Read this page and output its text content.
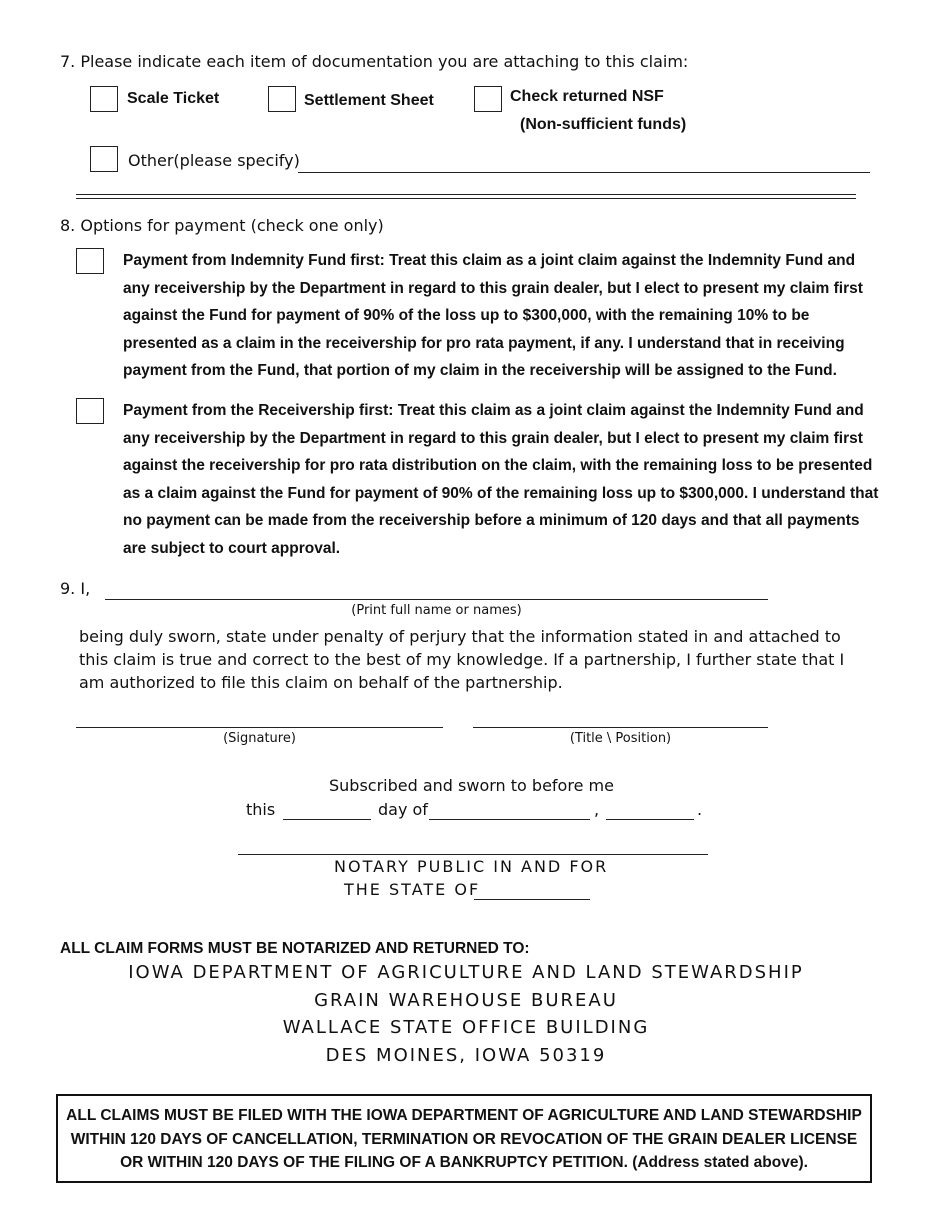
7. Please indicate each item of documentation you are attaching to this claim:
Scale Ticket	Settlement Sheet	Check returned NSF
(Non-sufficient funds)
Other(please specify)
8. Options for payment (check one only)
Payment from Indemnity Fund first: Treat this claim as a joint claim against the Indemnity Fund and any receivership by the Department in regard to this grain dealer, but I elect to present my claim first against the Fund for payment of 90% of the loss up to $300,000, with the remaining 10% to be presented as a claim in the receivership for pro rata payment, if any. I understand that in receiving payment from the Fund, that portion of my claim in the receivership will be assigned to the Fund.
Payment from the Receivership first: Treat this claim as a joint claim against the Indemnity Fund and any receivership by the Department in regard to this grain dealer, but I elect to present my claim first against the receivership for pro rata distribution on the claim, with the remaining loss to be presented as a claim against the Fund for payment of 90% of the remaining loss up to $300,000. I understand that no payment can be made from the receivership before a minimum of 120 days and that all payments are subject to court approval.
9. I,
(Print full name or names)
being duly sworn, state under penalty of perjury that the information stated in and attached to this claim is true and correct to the best of my knowledge. If a partnership, I further state that I am authorized to file this claim on behalf of the partnership.
(Signature)	(Title \ Position)
Subscribed and sworn to before me
this	day of	,	.
NOTARY PUBLIC IN AND FOR
THE STATE OF
ALL CLAIM FORMS MUST BE NOTARIZED AND RETURNED TO:
IOWA DEPARTMENT OF AGRICULTURE AND LAND STEWARDSHIP
GRAIN WAREHOUSE BUREAU
WALLACE STATE OFFICE BUILDING
DES MOINES, IOWA 50319
ALL CLAIMS MUST BE FILED WITH THE IOWA DEPARTMENT OF AGRICULTURE AND LAND STEWARDSHIP
WITHIN 120 DAYS OF CANCELLATION, TERMINATION OR REVOCATION OF THE GRAIN DEALER LICENSE
OR WITHIN 120 DAYS OF THE FILING OF A BANKRUPTCY PETITION. (Address stated above).
